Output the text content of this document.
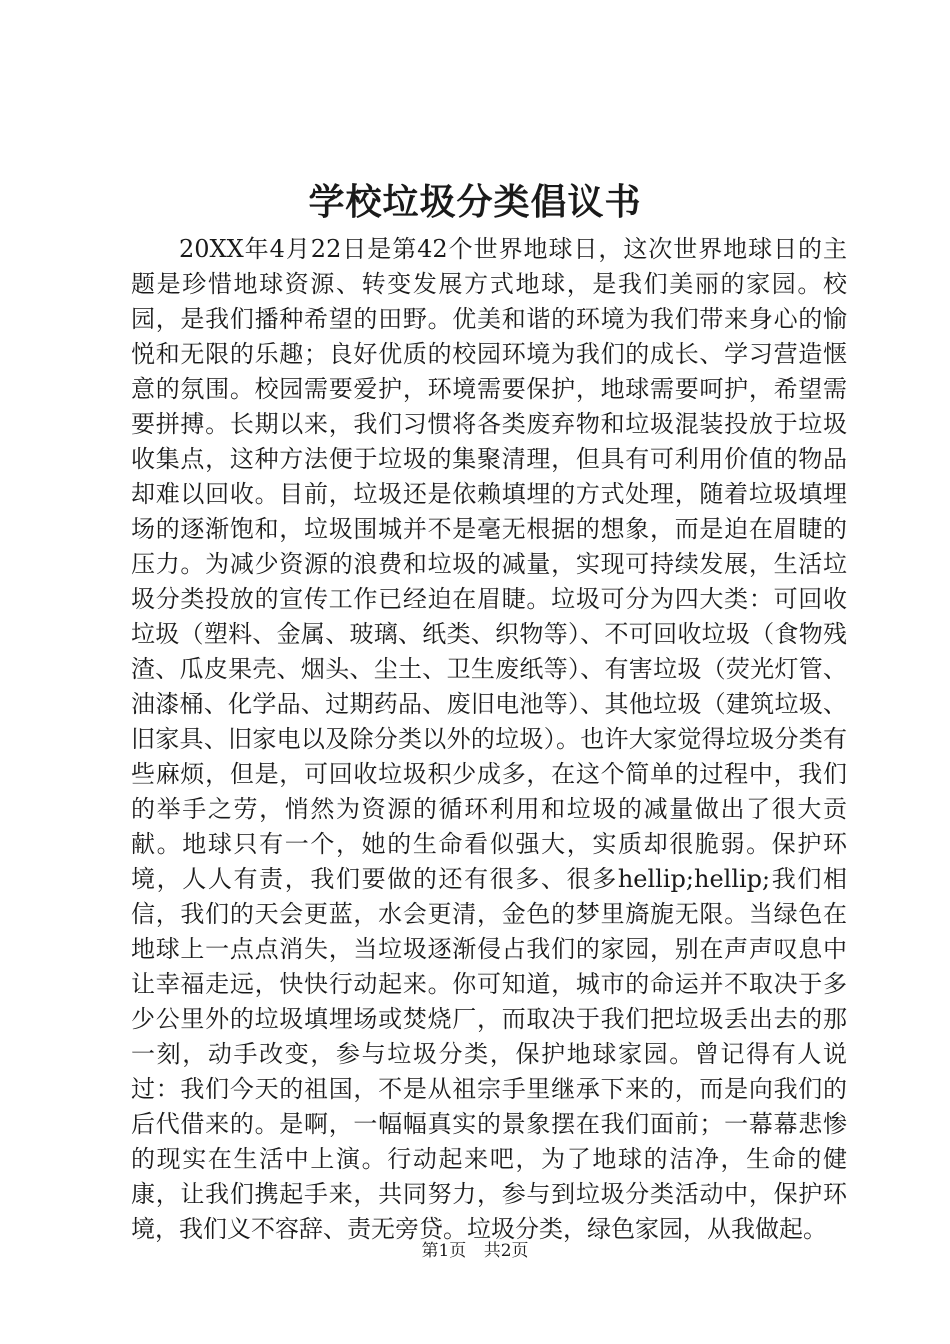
学校垃圾分类倡议书

20XX年4月22日是第42个世界地球日，这次世界地球日的主题是珍惜地球资源、转变发展方式地球，是我们美丽的家园。校园，是我们播种希望的田野。优美和谐的环境为我们带来身心的愉悦和无限的乐趣；良好优质的校园环境为我们的成长、学习营造惬意的氛围。校园需要爱护，环境需要保护，地球需要呵护，希望需要拼搏。长期以来，我们习惯将各类废弃物和垃圾混装投放于垃圾收集点，这种方法便于垃圾的集聚清理，但具有可利用价值的物品却难以回收。目前，垃圾还是依赖填埋的方式处理，随着垃圾填埋场的逐渐饱和，垃圾围城并不是毫无根据的想象，而是迫在眉睫的压力。为减少资源的浪费和垃圾的减量，实现可持续发展，生活垃圾分类投放的宣传工作已经迫在眉睫。垃圾可分为四大类：可回收垃圾（塑料、金属、玻璃、纸类、织物等）、不可回收垃圾（食物残渣、瓜皮果壳、烟头、尘土、卫生废纸等）、有害垃圾（荧光灯管、油漆桶、化学品、过期药品、废旧电池等）、其他垃圾（建筑垃圾、旧家具、旧家电以及除分类以外的垃圾）。也许大家觉得垃圾分类有些麻烦，但是，可回收垃圾积少成多，在这个简单的过程中，我们的举手之劳，悄然为资源的循环利用和垃圾的减量做出了很大贡献。地球只有一个，她的生命看似强大，实质却很脆弱。保护环境，人人有责，我们要做的还有很多、很多hellip;hellip;我们相信，我们的天会更蓝，水会更清，金色的梦里旖旎无限。当绿色在地球上一点点消失，当垃圾逐渐侵占我们的家园，别在声声叹息中让幸福走远，快快行动起来。你可知道，城市的命运并不取决于多少公里外的垃圾填埋场或焚烧厂，而取决于我们把垃圾丢出去的那一刻，动手改变，参与垃圾分类，保护地球家园。曾记得有人说过：我们今天的祖国，不是从祖宗手里继承下来的，而是向我们的后代借来的。是啊，一幅幅真实的景象摆在我们面前；一幕幕悲惨的现实在生活中上演。行动起来吧，为了地球的洁净，生命的健康，让我们携起手来，共同努力，参与到垃圾分类活动中，保护环境，我们义不容辞、责无旁贷。垃圾分类，绿色家园，从我做起。

第1页 共2页
